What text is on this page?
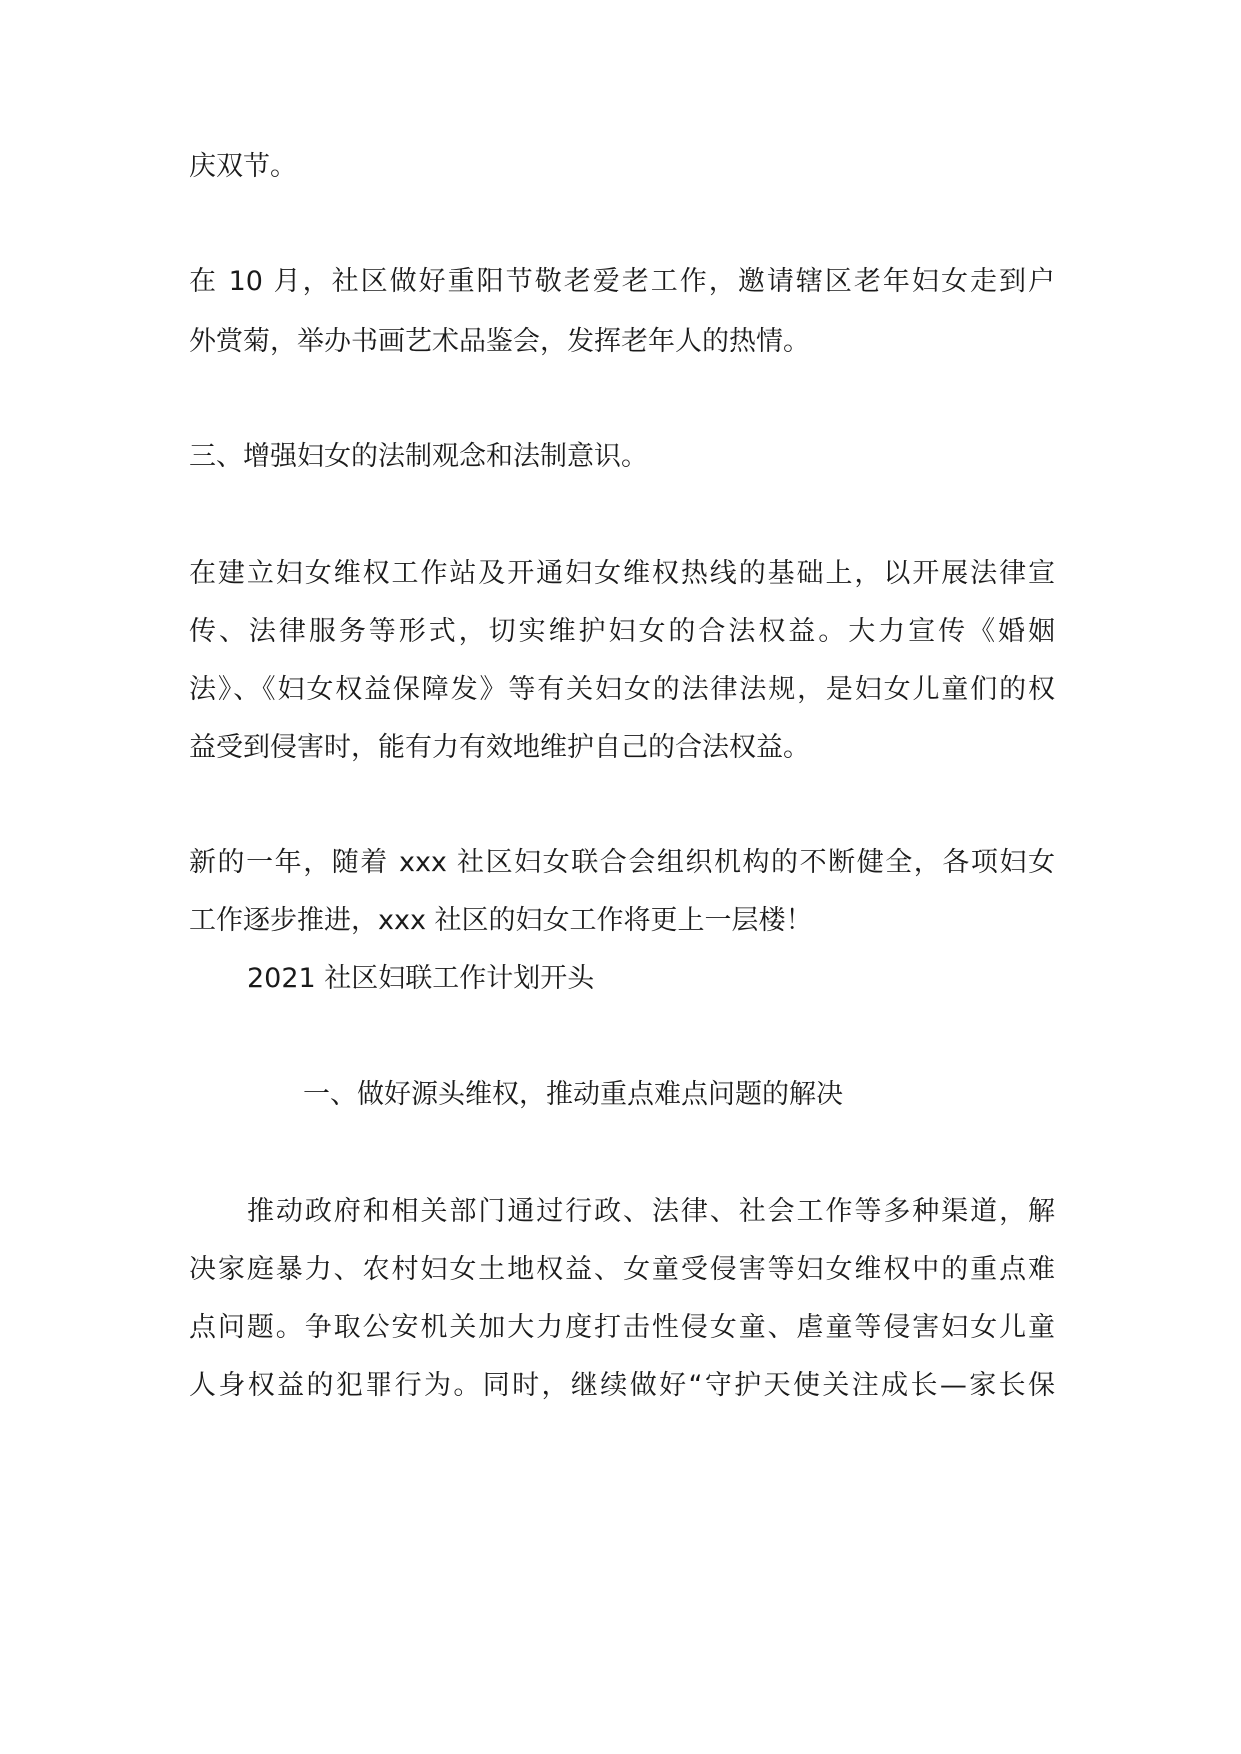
庆双节。
在 10 月，社区做好重阳节敬老爱老工作，邀请辖区老年妇女走到户
外赏菊，举办书画艺术品鉴会，发挥老年人的热情。
三、增强妇女的法制观念和法制意识。
在建立妇女维权工作站及开通妇女维权热线的基础上，以开展法律宣
传、法律服务等形式，切实维护妇女的合法权益。大力宣传《婚姻
法》、《妇女权益保障发》等有关妇女的法律法规，是妇女儿童们的权
益受到侵害时，能有力有效地维护自己的合法权益。
新的一年，随着 xxx 社区妇女联合会组织机构的不断健全，各项妇女
工作逐步推进，xxx 社区的妇女工作将更上一层楼！
2021 社区妇联工作计划开头
一、做好源头维权，推动重点难点问题的解决
推动政府和相关部门通过行政、法律、社会工作等多种渠道，解
决家庭暴力、农村妇女土地权益、女童受侵害等妇女维权中的重点难
点问题。争取公安机关加大力度打击性侵女童、虐童等侵害妇女儿童
人身权益的犯罪行为。同时，继续做好“守护天使关注成长—家长保
